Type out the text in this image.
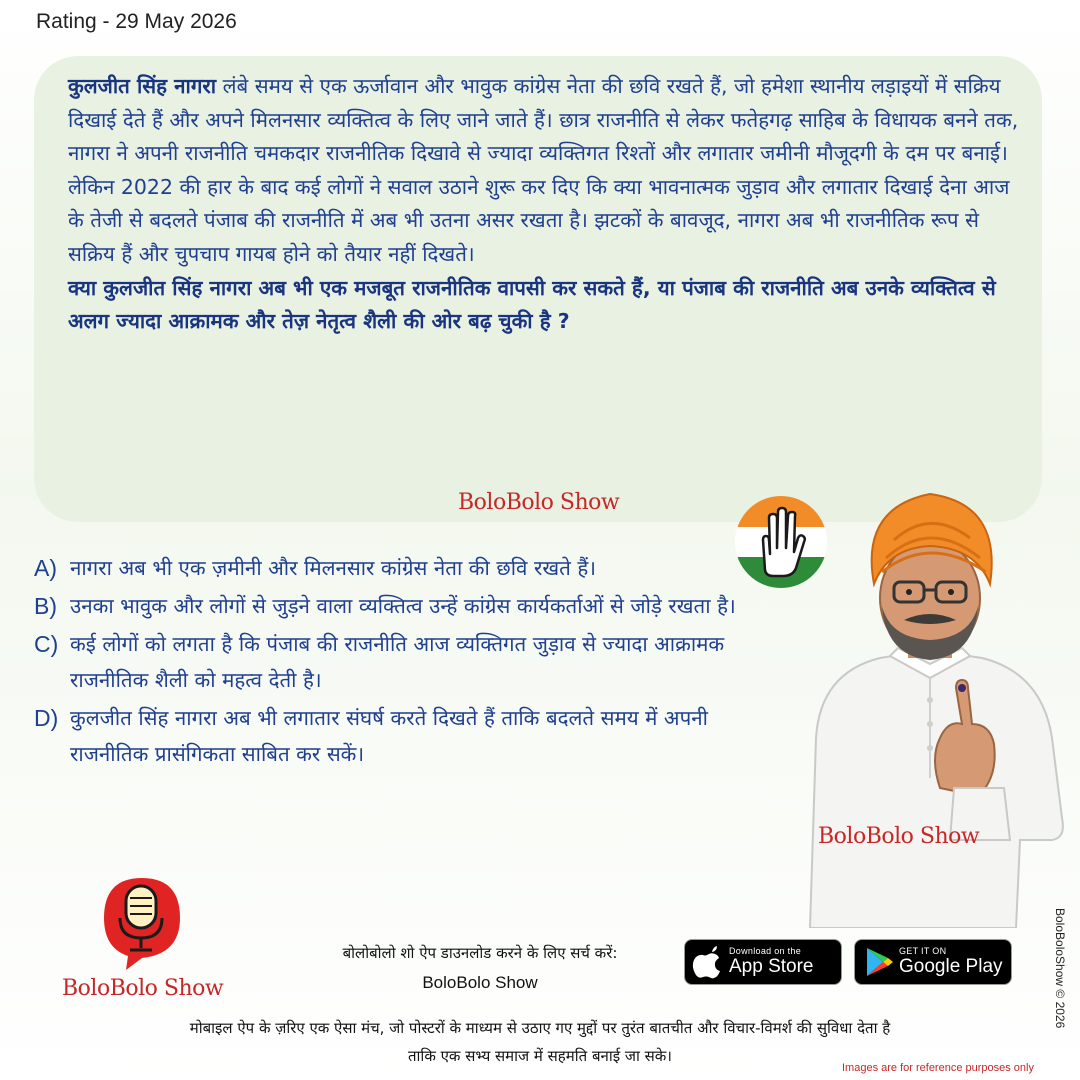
Rating - 29 May 2026
कुलजीत सिंह नागरा लंबे समय से एक ऊर्जावान और भावुक कांग्रेस नेता की छवि रखते हैं, जो हमेशा स्थानीय लड़ाइयों में सक्रिय दिखाई देते हैं और अपने मिलनसार व्यक्तित्व के लिए जाने जाते हैं। छात्र राजनीति से लेकर फतेहगढ़ साहिब के विधायक बनने तक, नागरा ने अपनी राजनीति चमकदार राजनीतिक दिखावे से ज्यादा व्यक्तिगत रिश्तों और लगातार जमीनी मौजूदगी के दम पर बनाई। लेकिन 2022 की हार के बाद कई लोगों ने सवाल उठाने शुरू कर दिए कि क्या भावनात्मक जुड़ाव और लगातार दिखाई देना आज के तेजी से बदलते पंजाब की राजनीति में अब भी उतना असर रखता है। झटकों के बावजूद, नागरा अब भी राजनीतिक रूप से सक्रिय हैं और चुपचाप गायब होने को तैयार नहीं दिखते।
क्या कुलजीत सिंह नागरा अब भी एक मजबूत राजनीतिक वापसी कर सकते हैं, या पंजाब की राजनीति अब उनके व्यक्तित्व से अलग ज्यादा आक्रामक और तेज़ नेतृत्व शैली की ओर बढ़ चुकी है ?
BoloBolo Show
A) नागरा अब भी एक ज़मीनी और मिलनसार कांग्रेस नेता की छवि रखते हैं।
B) उनका भावुक और लोगों से जुड़ने वाला व्यक्तित्व उन्हें कांग्रेस कार्यकर्ताओं से जोड़े रखता है।
C) कई लोगों को लगता है कि पंजाब की राजनीति आज व्यक्तिगत जुड़ाव से ज्यादा आक्रामक राजनीतिक शैली को महत्व देती है।
D) कुलजीत सिंह नागरा अब भी लगातार संघर्ष करते दिखते हैं ताकि बदलते समय में अपनी राजनीतिक प्रासंगिकता साबित कर सकें।
BoloBolo Show
BoloBolo Show
बोलोबोलो शो ऐप डाउनलोड करने के लिए सर्च करें:
BoloBolo Show
Download on the
App Store
GET IT ON
Google Play
मोबाइल ऐप के ज़रिए एक ऐसा मंच, जो पोस्टरों के माध्यम से उठाए गए मुद्दों पर तुरंत बातचीत और विचार-विमर्श की सुविधा देता है
ताकि एक सभ्य समाज में सहमति बनाई जा सके।
BoloBoloShow © 2026
Images are for reference purposes only
